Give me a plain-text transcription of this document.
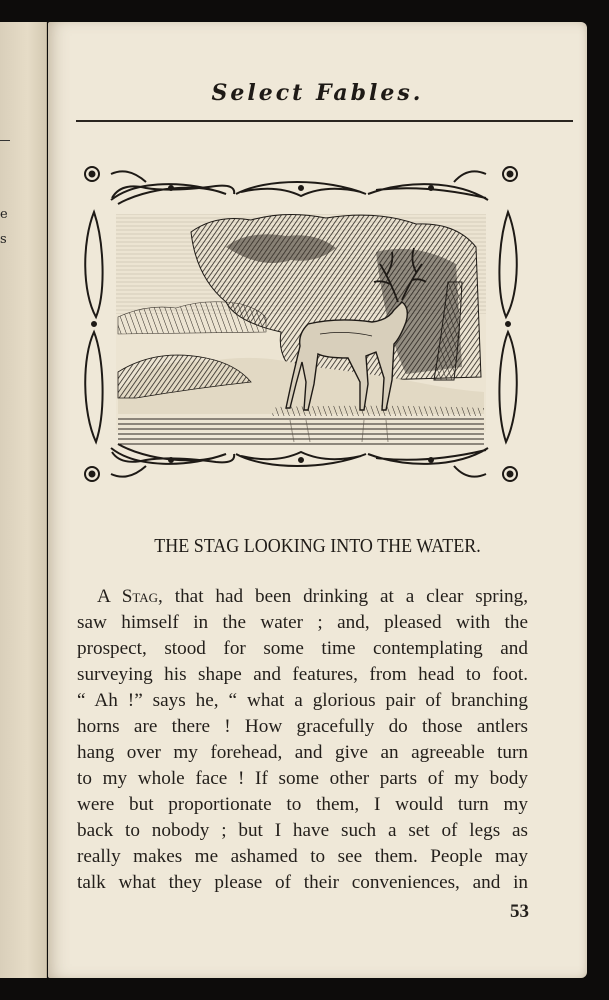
e
s
Select Fables.
THE STAG LOOKING INTO THE WATER.
A Stag, that had been drinking at a clear spring,
saw himself in the water ; and, pleased with the
prospect, stood for some time contemplating and
surveying his shape and features, from head to foot.
“ Ah !” says he, “ what a glorious pair of branching
horns are there ! How gracefully do those antlers
hang over my forehead, and give an agreeable turn
to my whole face ! If some other parts of my body
were but proportionate to them, I would turn my
back to nobody ; but I have such a set of legs as
really makes me ashamed to see them. People may
talk what they please of their conveniences, and in
53
